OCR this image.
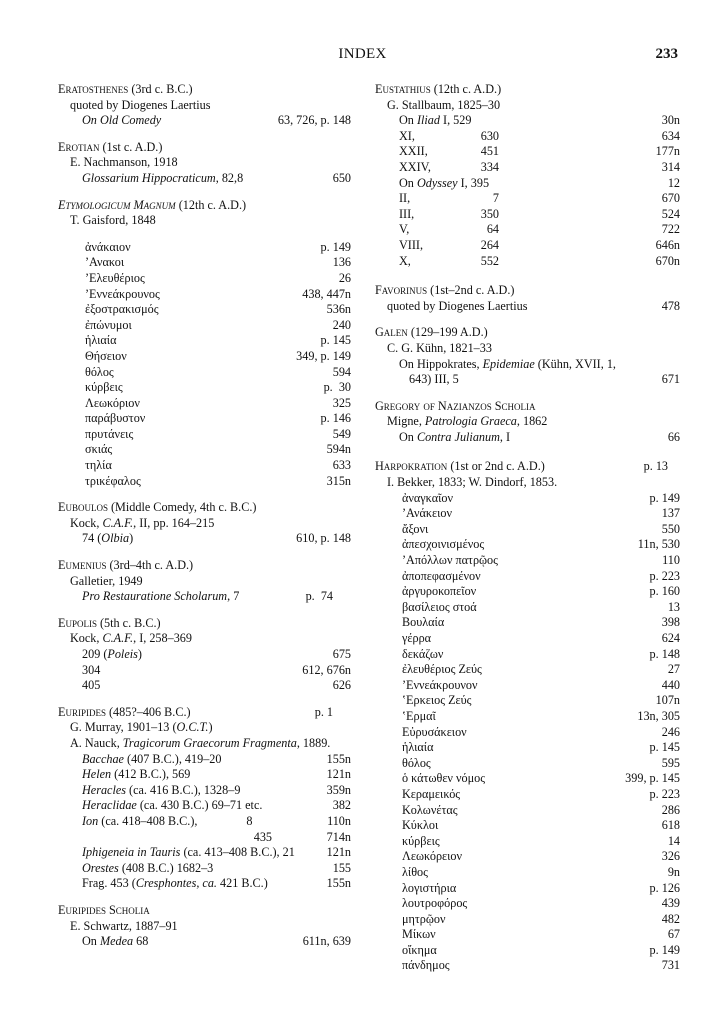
INDEX	233
Eratosthenes (3rd c. B.C.)
quoted by Diogenes Laertius
On Old Comedy	63, 726, p. 148
Erotian (1st c. A.D.)
E. Nachmanson, 1918
Glossarium Hippocraticum, 82,8	650
Etymologicum Magnum (12th c. A.D.)
T. Gaisford, 1848
ἀνάκαιον	p. 149
ʼΑνακοι	136
ʼΕλευθέριος	26
ʼΕννεάκρουνος	438, 447n
ἐξοστρακισμός	536n
ἐπώνυμοι	240
ἡλιαία	p. 145
Θήσειον	349, p. 149
θόλος	594
κύρβεις	p.  30
Λεωκόριον	325
παράβυστον	p. 146
πρυτάνεις	549
σκιάς	594n
τηλία	633
τρικέφαλος	315n
Euboulos (Middle Comedy, 4th c. B.C.)
Kock, C.A.F., II, pp. 164–215
74 (Olbia)	610, p. 148
Eumenius (3rd–4th c. A.D.)
Galletier, 1949
Pro Restauratione Scholarum, 7	p.  74
Eupolis (5th c. B.C.)
Kock, C.A.F., I, 258–369
209 (Poleis)	675
304	612, 676n
405	626
Euripides (485?–406 B.C.)	p. 1
G. Murray, 1901–13 (O.C.T.)
A. Nauck, Tragicorum Graecorum Fragmenta, 1889.
Bacchae (407 B.C.), 419–20	155n
Helen (412 B.C.), 569	121n
Heracles (ca. 416 B.C.), 1328–9	359n
Heraclidae (ca. 430 B.C.) 69–71 etc.	382
Ion (ca. 418–408 B.C.),	8	110n
435	714n
Iphigeneia in Tauris (ca. 413–408 B.C.), 21	121n
Orestes (408 B.C.) 1682–3	155
Frag. 453 (Cresphontes, ca. 421 B.C.)	155n
Euripides Scholia
E. Schwartz, 1887–91
On Medea 68	611n, 639
Eustathius (12th c. A.D.)
G. Stallbaum, 1825–30
On Iliad I, 529	30n
XI,	630	634
XXII,	451	177n
XXIV,	334	314
On Odyssey I, 395	12
II,	7	670
III,	350	524
V,	64	722
VIII,	264	646n
X,	552	670n
Favorinus (1st–2nd c. A.D.)
quoted by Diogenes Laertius	478
Galen (129–199 A.D.)
C. G. Kühn, 1821–33
On Hippokrates, Epidemiae (Kühn, XVII, 1,
643) III, 5	671
Gregory of Nazianzos Scholia
Migne, Patrologia Graeca, 1862
On Contra Julianum, I	66
Harpokration (1st or 2nd c. A.D.)	p. 13
I. Bekker, 1833; W. Dindorf, 1853.
ἀναγκαῖον	p. 149
ʼΑνάκειον	137
ἄξονι	550
ἀπεσχοινισμένος	11n, 530
ʼΑπόλλων πατρῷος	110
ἀποπεφασμένον	p. 223
ἀργυροκοπεῖον	p. 160
βασίλειος στοά	13
Βουλαία	398
γέρρα	624
δεκάζων	p. 148
ἐλευθέριος Ζεύς	27
ʼΕννεάκρουνον	440
ʽΕρκειος Ζεύς	107n
ʽΕρμαῖ	13n, 305
Εὐρυσάκειον	246
ἡλιαία	p. 145
θόλος	595
ὁ κάτωθεν νόμος	399, p. 145
Κεραμεικός	p. 223
Κολωνέτας	286
Κύκλοι	618
κύρβεις	14
Λεωκόρειον	326
λίθος	9n
λογιστήρια	p. 126
λουτροφόρος	439
μητρῷον	482
Μίκων	67
οἴκημα	p. 149
πάνδημος	731
